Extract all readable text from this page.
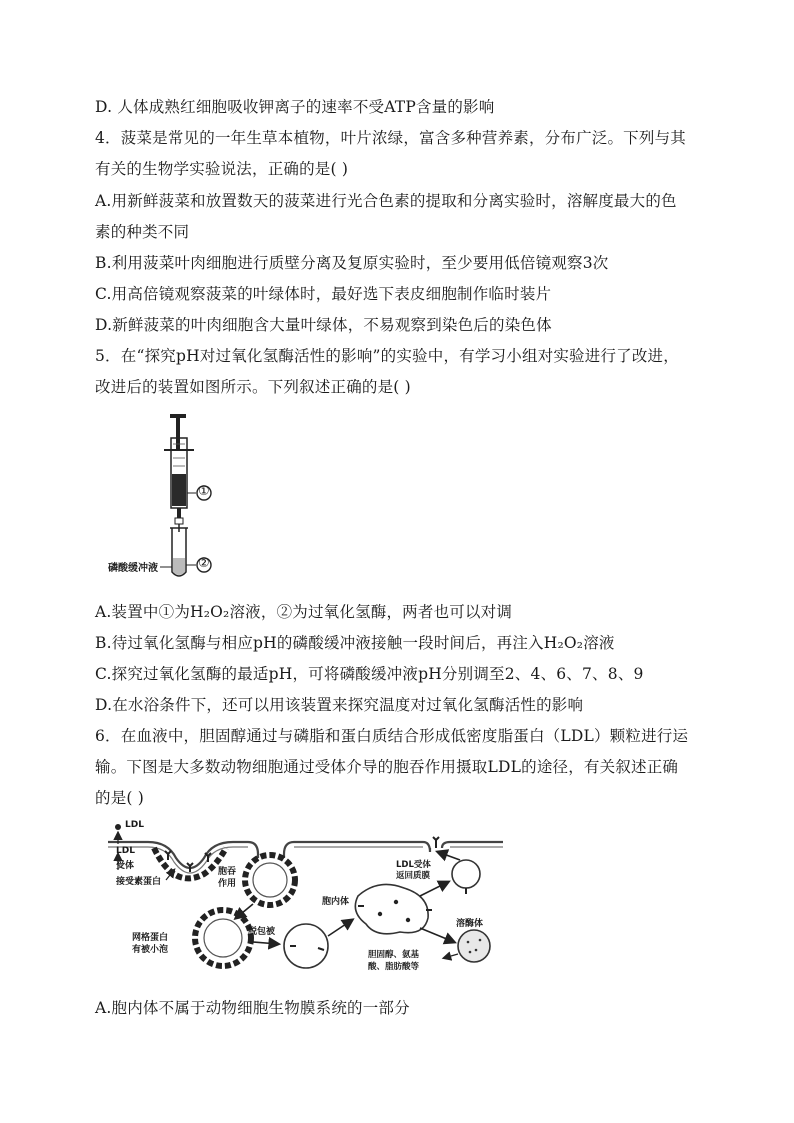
D. 人体成熟红细胞吸收钾离子的速率不受ATP含量的影响
4．菠菜是常见的一年生草本植物，叶片浓绿，富含多种营养素，分布广泛。下列与其
有关的生物学实验说法，正确的是( )
A.用新鲜菠菜和放置数天的菠菜进行光合色素的提取和分离实验时，溶解度最大的色
素的种类不同
B.利用菠菜叶肉细胞进行质壁分离及复原实验时，至少要用低倍镜观察3次
C.用高倍镜观察菠菜的叶绿体时，最好选下表皮细胞制作临时装片
D.新鲜菠菜的叶肉细胞含大量叶绿体，不易观察到染色后的染色体
5．在“探究pH对过氧化氢酶活性的影响”的实验中，有学习小组对实验进行了改进，
改进后的装置如图所示。下列叙述正确的是( )
①
②
磷酸缓冲液
A.装置中①为H₂O₂溶液，②为过氧化氢酶，两者也可以对调
B.待过氧化氢酶与相应pH的磷酸缓冲液接触一段时间后，再注入H₂O₂溶液
C.探究过氧化氢酶的最适pH，可将磷酸缓冲液pH分别调至2、4、6、7、8、9
D.在水浴条件下，还可以用该装置来探究温度对过氧化氢酶活性的影响
6．在血液中，胆固醇通过与磷脂和蛋白质结合形成低密度脂蛋白（LDL）颗粒进行运
输。下图是大多数动物细胞通过受体介导的胞吞作用摄取LDL的途径，有关叙述正确
的是( )
LDL
LDL
受体
接受素蛋白
胞吞
作用
网格蛋白
有被小泡
脱包被
胞内体
LDL受体
返回质膜
溶酶体
胆固醇、氨基
酸、脂肪酸等
A.胞内体不属于动物细胞生物膜系统的一部分
